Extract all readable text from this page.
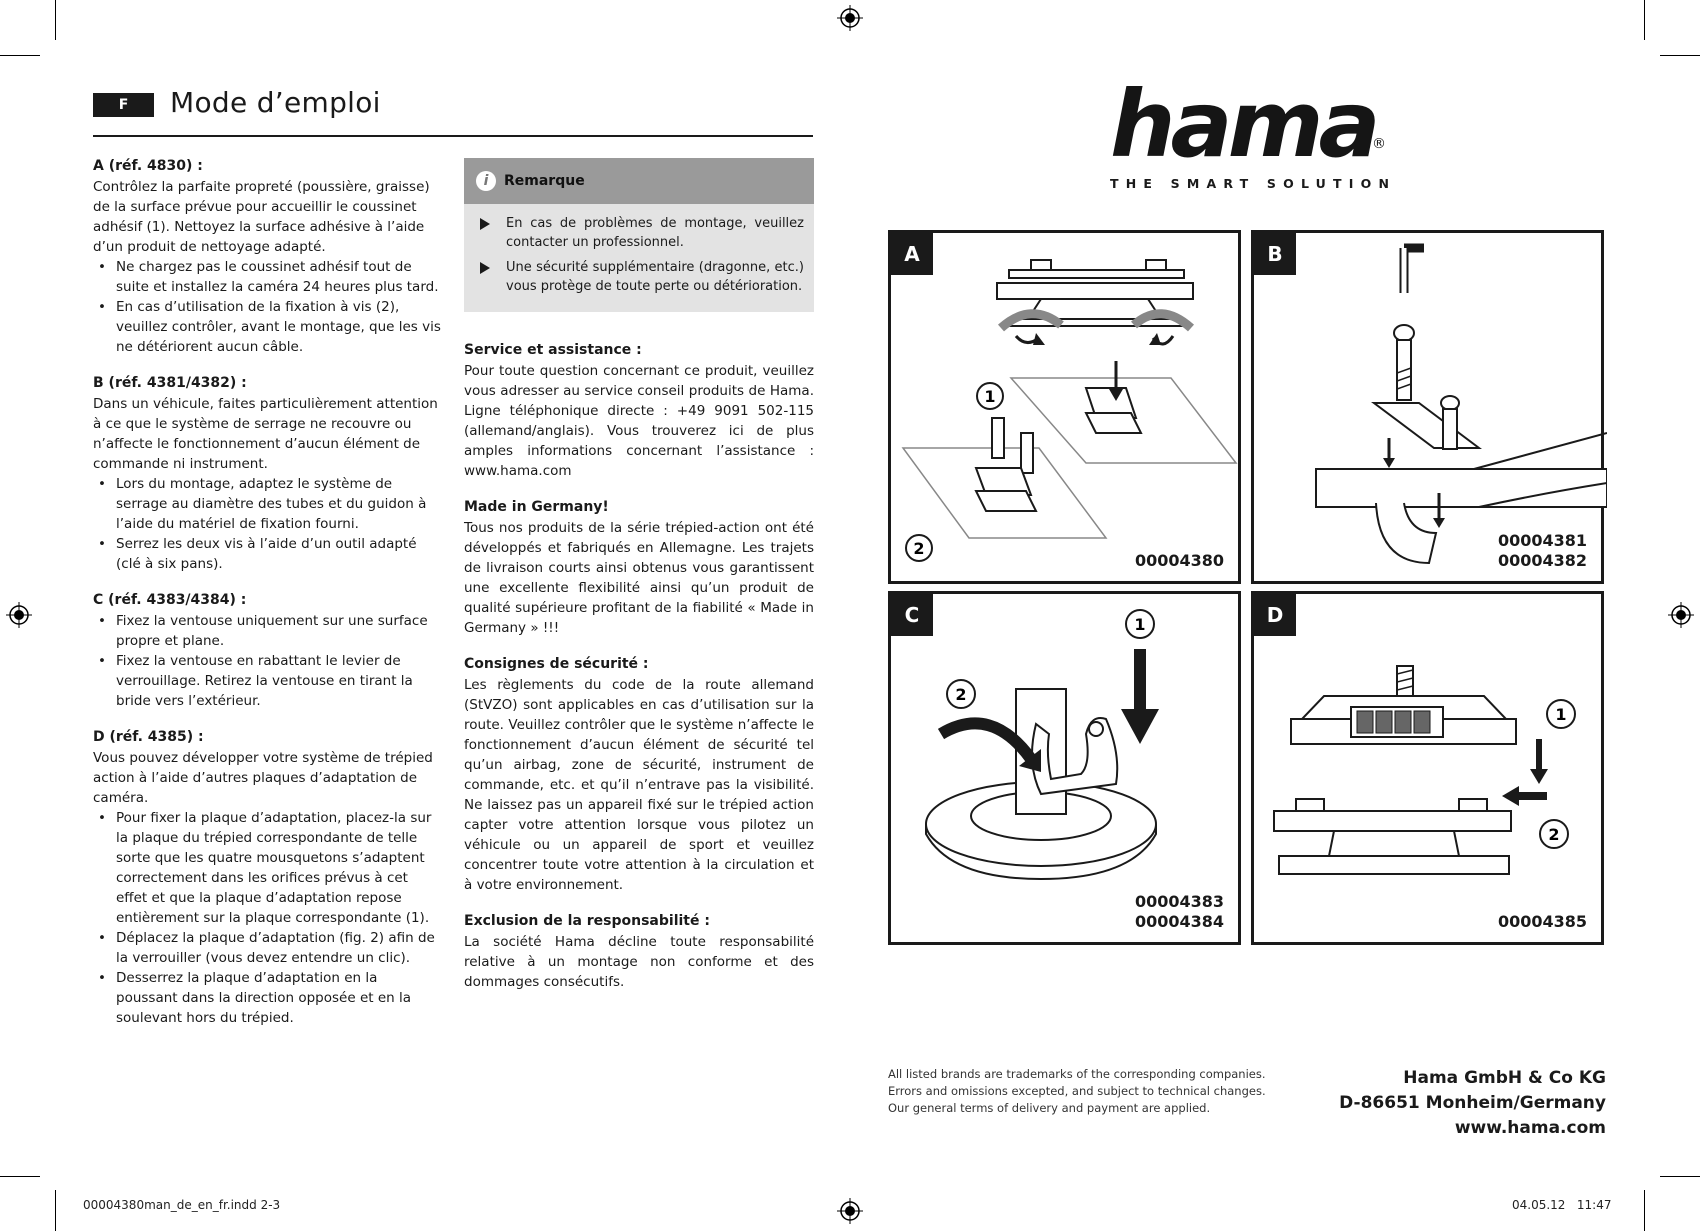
F	Mode d’emploi
A (réf. 4830) :

Contrôlez la parfaite propreté (poussière, graisse) de la surface prévue pour accueillir le coussinet adhésif (1). Nettoyez la surface adhésive à l’aide d’un produit de nettoyage adapté.

• Ne chargez pas le coussinet adhésif tout de suite et installez la caméra 24 heures plus tard.
• En cas d’utilisation de la fixation à vis (2), veuillez contrôler, avant le montage, que les vis ne détériorent aucun câble.
B (réf. 4381/4382) :

Dans un véhicule, faites particulièrement attention à ce que le système de serrage ne recouvre ou n’affecte le fonctionnement d’aucun élément de commande ni instrument.

• Lors du montage, adaptez le système de serrage au diamètre des tubes et du guidon à l’aide du matériel de fixation fourni.
• Serrez les deux vis à l’aide d’un outil adapté (clé à six pans).
C (réf. 4383/4384) :
• Fixez la ventouse uniquement sur une surface propre et plane.
• Fixez la ventouse en rabattant le levier de verrouillage. Retirez la ventouse en tirant la bride vers l’extérieur.
D (réf. 4385) :

Vous pouvez développer votre système de trépied action à l’aide d’autres plaques d’adaptation de caméra.

• Pour fixer la plaque d’adaptation, placez-la sur la plaque du trépied correspondante de telle sorte que les quatre mousquetons s’adaptent correctement dans les orifices prévus à cet effet et que la plaque d’adaptation repose entièrement sur la plaque correspondante (1).
• Déplacez la plaque d’adaptation (fig. 2) afin de la verrouiller (vous devez entendre un clic).
• Desserrez la plaque d’adaptation en la poussant dans la direction opposée et en la soulevant hors du trépied.
i	Remarque

En cas de problèmes de montage, veuillez contacter un professionnel.

Une sécurité supplémentaire (dragonne, etc.) vous protège de toute perte ou détérioration.

Service et assistance :

Pour toute question concernant ce produit, veuillez vous adresser au service conseil produits de Hama. Ligne téléphonique directe : +49 9091 502-115 (allemand/anglais). Vous trouverez ici de plus amples informations concernant l’assistance : www.hama.com

Made in Germany!

Tous nos produits de la série trépied-action ont été développés et fabriqués en Allemagne. Les trajets de livraison courts ainsi obtenus vous garantissent une excellente flexibilité ainsi qu’un produit de qualité supérieure profitant de la fiabilité « Made in Germany » !!!

Consignes de sécurité :

Les règlements du code de la route allemand (StVZO) sont applicables en cas d’utilisation sur la route. Veuillez contrôler que le système n’affecte le fonctionnement d’aucun élément de sécurité tel qu’un airbag, zone de sécurité, instrument de commande, etc. et qu’il n’entrave pas la visibilité. Ne laissez pas un appareil fixé sur le trépied action capter votre attention lorsque vous pilotez un véhicule ou un appareil de sport et veuillez concentrer toute votre attention à la circulation et à votre environnement.

Exclusion de la responsabilité :

La société Hama décline toute responsabilité relative à un montage non conforme et des dommages consécutifs.

hama
®
THE SMART SOLUTION
1
2
A
00004380
B
00004381
00004382
1
2
C
00004383
00004384
1
2
D
00004385

All listed brands are trademarks of the corresponding companies. Errors and omissions excepted, and subject to technical changes. Our general terms of delivery and payment are applied.

Hama GmbH & Co KG
D-86651 Monheim/Germany
www.hama.com
00004380man_de_en_fr.indd 2-3	04.05.12   11:47
